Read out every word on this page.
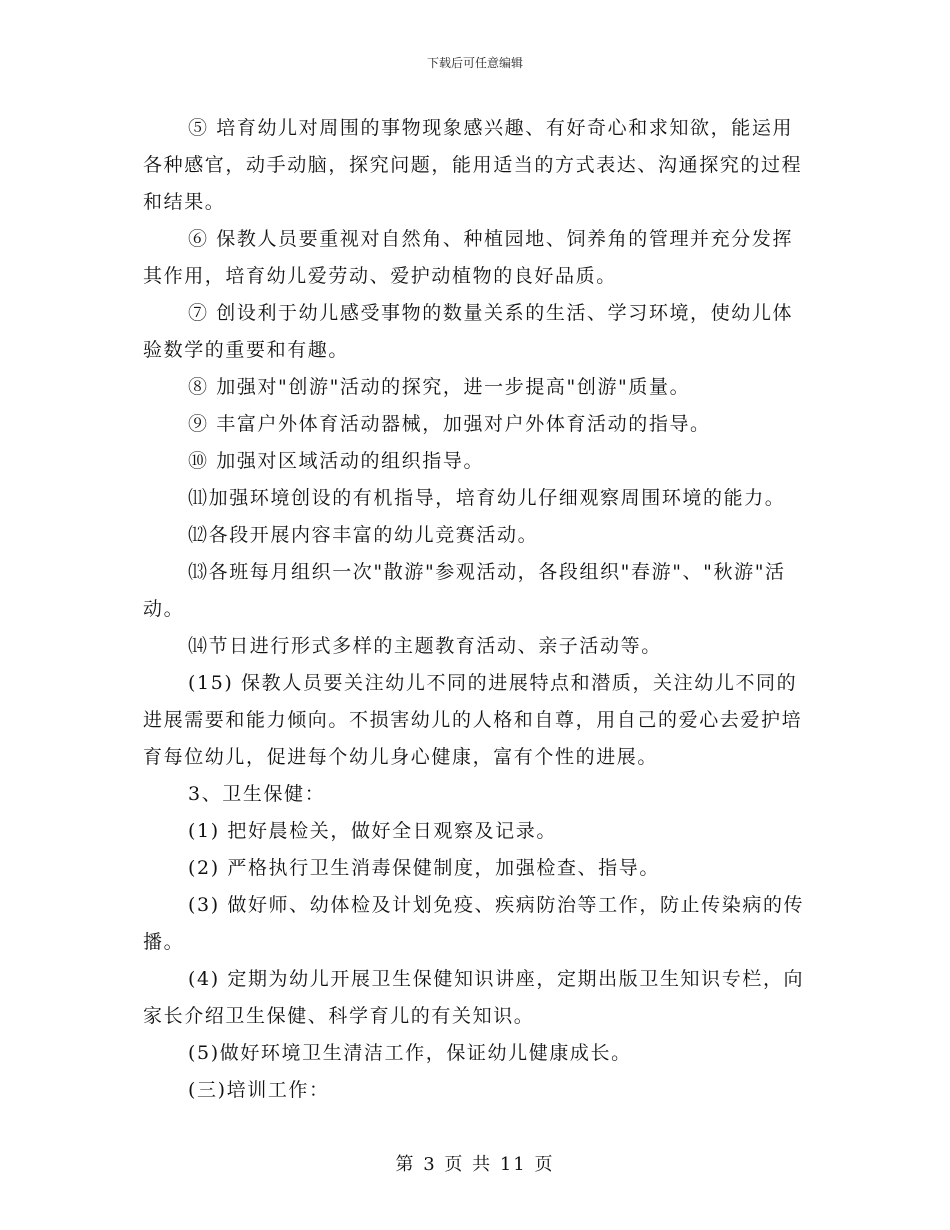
下载后可任意编辑

⑤ 培育幼儿对周围的事物现象感兴趣、有好奇心和求知欲，能运用各种感官，动手动脑，探究问题，能用适当的方式表达、沟通探究的过程和结果。

⑥ 保教人员要重视对自然角、种植园地、饲养角的管理并充分发挥其作用，培育幼儿爱劳动、爱护动植物的良好品质。

⑦ 创设利于幼儿感受事物的数量关系的生活、学习环境，使幼儿体验数学的重要和有趣。

⑧ 加强对"创游"活动的探究，进一步提高"创游"质量。

⑨ 丰富户外体育活动器械，加强对户外体育活动的指导。

⑩ 加强对区域活动的组织指导。

⑾加强环境创设的有机指导，培育幼儿仔细观察周围环境的能力。

⑿各段开展内容丰富的幼儿竞赛活动。

⒀各班每月组织一次"散游"参观活动，各段组织"春游"、"秋游"活动。

⒁节日进行形式多样的主题教育活动、亲子活动等。

(15) 保教人员要关注幼儿不同的进展特点和潜质，关注幼儿不同的进展需要和能力倾向。不损害幼儿的人格和自尊，用自己的爱心去爱护培育每位幼儿，促进每个幼儿身心健康，富有个性的进展。

3、卫生保健：

(1) 把好晨检关，做好全日观察及记录。

(2) 严格执行卫生消毒保健制度，加强检查、指导。

(3) 做好师、幼体检及计划免疫、疾病防治等工作，防止传染病的传播。

(4) 定期为幼儿开展卫生保健知识讲座，定期出版卫生知识专栏，向家长介绍卫生保健、科学育儿的有关知识。

(5)做好环境卫生清洁工作，保证幼儿健康成长。

(三)培训工作：

第 3 页 共 11 页
